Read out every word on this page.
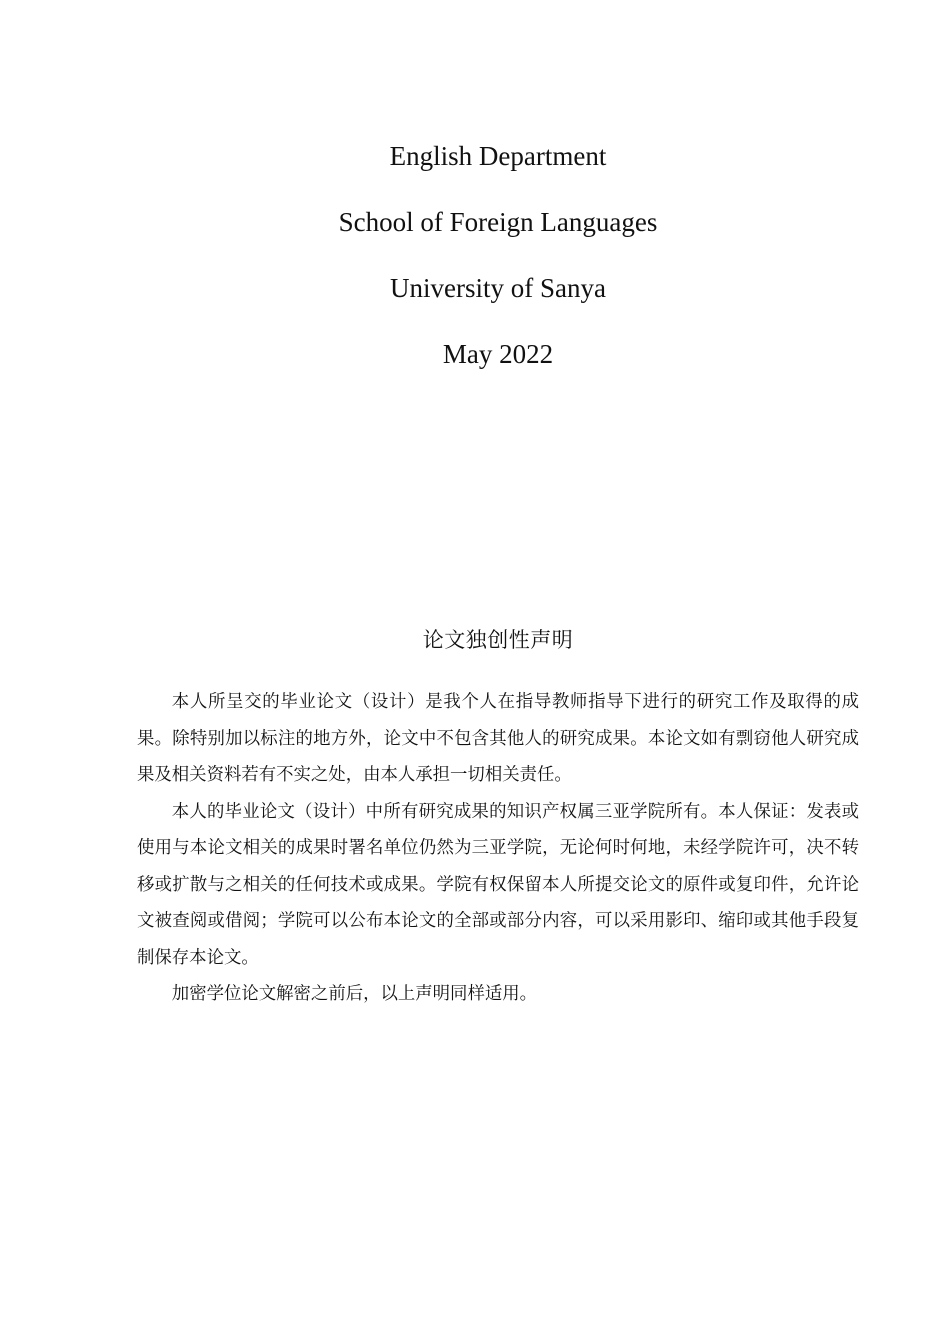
English Department
School of Foreign Languages
University of Sanya
May 2022
论文独创性声明

本人所呈交的毕业论文（设计）是我个人在指导教师指导下进行的研究工作及取得的成果。除特别加以标注的地方外，论文中不包含其他人的研究成果。本论文如有剽窃他人研究成果及相关资料若有不实之处，由本人承担一切相关责任。

本人的毕业论文（设计）中所有研究成果的知识产权属三亚学院所有。本人保证：发表或使用与本论文相关的成果时署名单位仍然为三亚学院，无论何时何地，未经学院许可，决不转移或扩散与之相关的任何技术或成果。学院有权保留本人所提交论文的原件或复印件，允许论文被查阅或借阅；学院可以公布本论文的全部或部分内容，可以采用影印、缩印或其他手段复制保存本论文。

加密学位论文解密之前后，以上声明同样适用。
